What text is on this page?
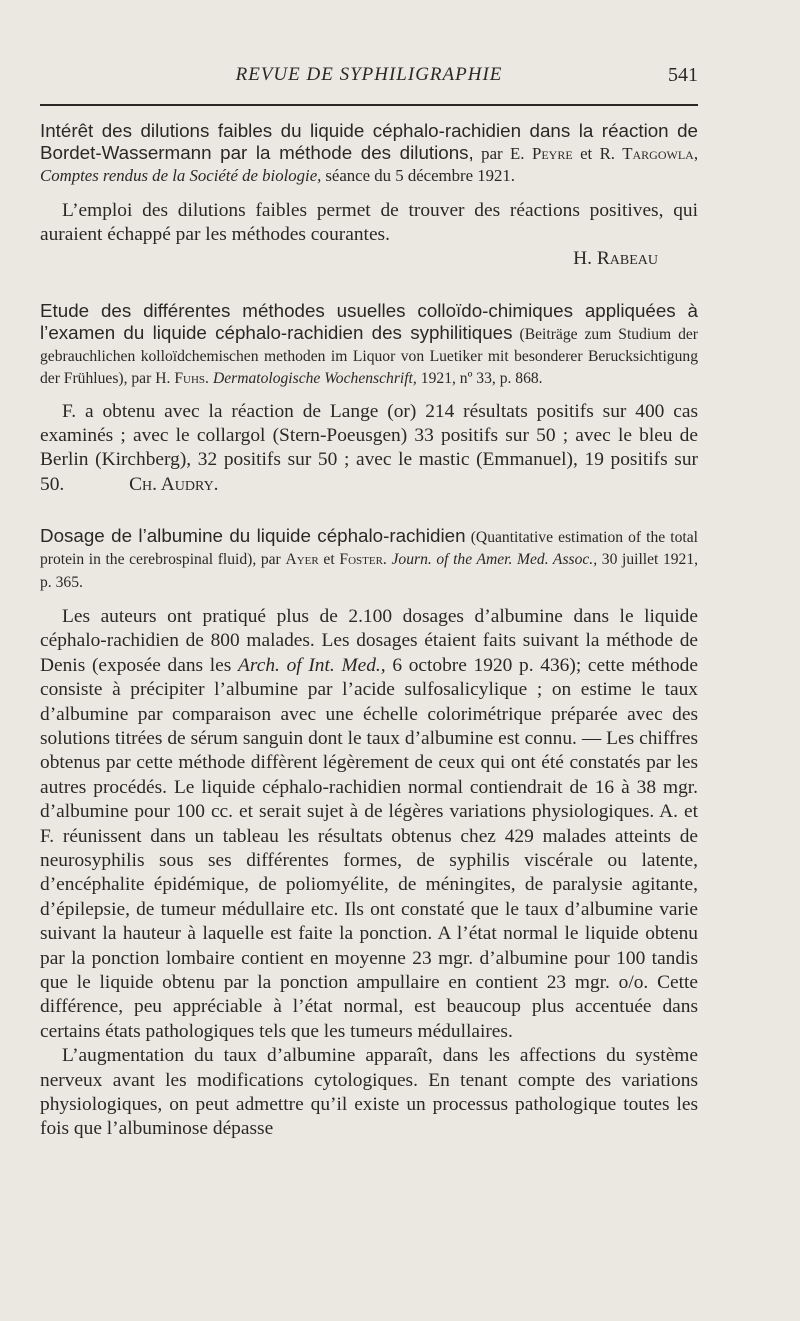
REVUE DE SYPHILIGRAPHIE	541

Intérêt des dilutions faibles du liquide céphalo-rachidien dans la réaction de Bordet-Wassermann par la méthode des dilutions, par E. Peyre et R. Targowla, Comptes rendus de la Société de biologie, séance du 5 décembre 1921.

L’emploi des dilutions faibles permet de trouver des réactions positives, qui auraient échappé par les méthodes courantes.

H. Rabeau

Etude des différentes méthodes usuelles colloïdo-chimiques appliquées à l’examen du liquide céphalo-rachidien des syphilitiques (Beiträge zum Studium der gebrauchlichen kolloïdchemischen methoden im Liquor von Luetiker mit besonderer Berucksichtigung der Frühlues), par H. Fuhs. Dermatologische Wochenschrift, 1921, nº 33, p. 868.

F. a obtenu avec la réaction de Lange (or) 214 résultats positifs sur 400 cas examinés ; avec le collargol (Stern-Poeusgen) 33 positifs sur 50 ; avec le bleu de Berlin (Kirchberg), 32 positifs sur 50 ; avec le mastic (Emmanuel), 19 positifs sur 50.	Ch. Audry.

Dosage de l’albumine du liquide céphalo-rachidien (Quantitative estimation of the total protein in the cerebrospinal fluid), par Ayer et Foster. Journ. of the Amer. Med. Assoc., 30 juillet 1921, p. 365.

Les auteurs ont pratiqué plus de 2.100 dosages d’albumine dans le liquide céphalo-rachidien de 800 malades. Les dosages étaient faits suivant la méthode de Denis (exposée dans les Arch. of Int. Med., 6 octobre 1920 p. 436); cette méthode consiste à précipiter l’albumine par l’acide sulfosalicylique ; on estime le taux d’albumine par comparaison avec une échelle colorimétrique préparée avec des solutions titrées de sérum sanguin dont le taux d’albumine est connu. — Les chiffres obtenus par cette méthode diffèrent légèrement de ceux qui ont été constatés par les autres procédés. Le liquide céphalo-rachidien normal contiendrait de 16 à 38 mgr. d’albumine pour 100 cc. et serait sujet à de légères variations physiologiques. A. et F. réunissent dans un tableau les résultats obtenus chez 429 malades atteints de neurosyphilis sous ses différentes formes, de syphilis viscérale ou latente, d’encéphalite épidémique, de poliomyélite, de méningites, de paralysie agitante, d’épilepsie, de tumeur médullaire etc. Ils ont constaté que le taux d’albumine varie suivant la hauteur à laquelle est faite la ponction. A l’état normal le liquide obtenu par la ponction lombaire contient en moyenne 23 mgr. d’albumine pour 100 tandis que le liquide obtenu par la ponction ampullaire en contient 23 mgr. o/o. Cette différence, peu appréciable à l’état normal, est beaucoup plus accentuée dans certains états pathologiques tels que les tumeurs médullaires.

L’augmentation du taux d’albumine apparaît, dans les affections du système nerveux avant les modifications cytologiques. En tenant compte des variations physiologiques, on peut admettre qu’il existe un processus pathologique toutes les fois que l’albuminose dépasse
